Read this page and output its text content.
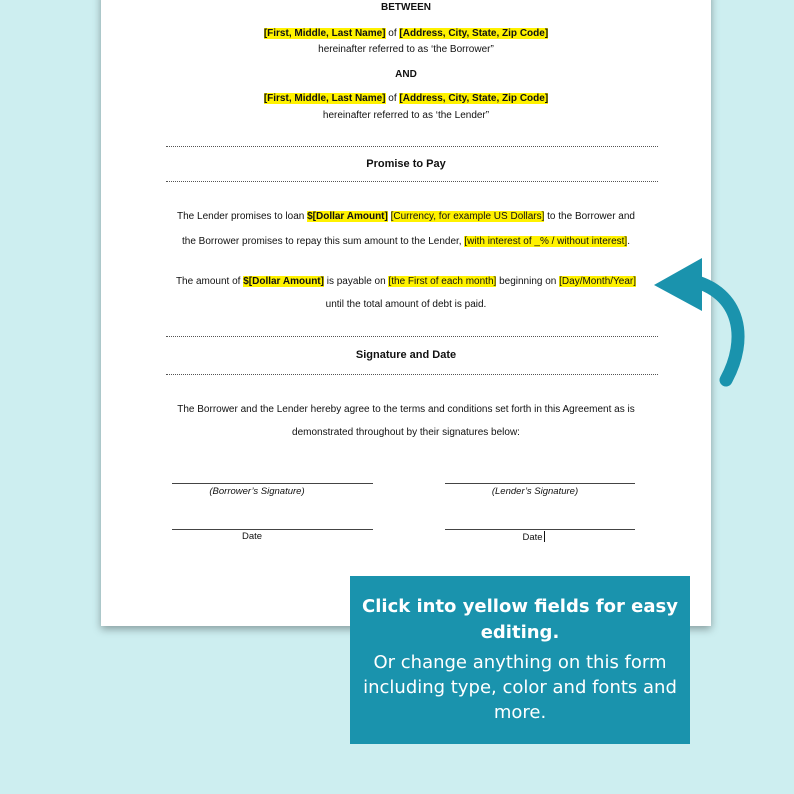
BETWEEN
[First, Middle, Last Name] of [Address, City, State, Zip Code]
hereinafter referred to as ‘the Borrower”
AND
[First, Middle, Last Name] of [Address, City, State, Zip Code]
hereinafter referred to as ‘the Lender”
Promise to Pay
The Lender promises to loan $[Dollar Amount] [Currency, for example US Dollars] to the Borrower and
the Borrower promises to repay this sum amount to the Lender, [with interest of _% / without interest].
The amount of $[Dollar Amount] is payable on [the First of each month] beginning on [Day/Month/Year]
until the total amount of debt is paid.
Signature and Date
The Borrower and the Lender hereby agree to the terms and conditions set forth in this Agreement as is
demonstrated throughout by their signatures below:
(Borrower’s Signature)	(Lender’s Signature)
Date	Date
Click into yellow fields for easy editing.
Or change anything on this form including type, color and fonts and more.
